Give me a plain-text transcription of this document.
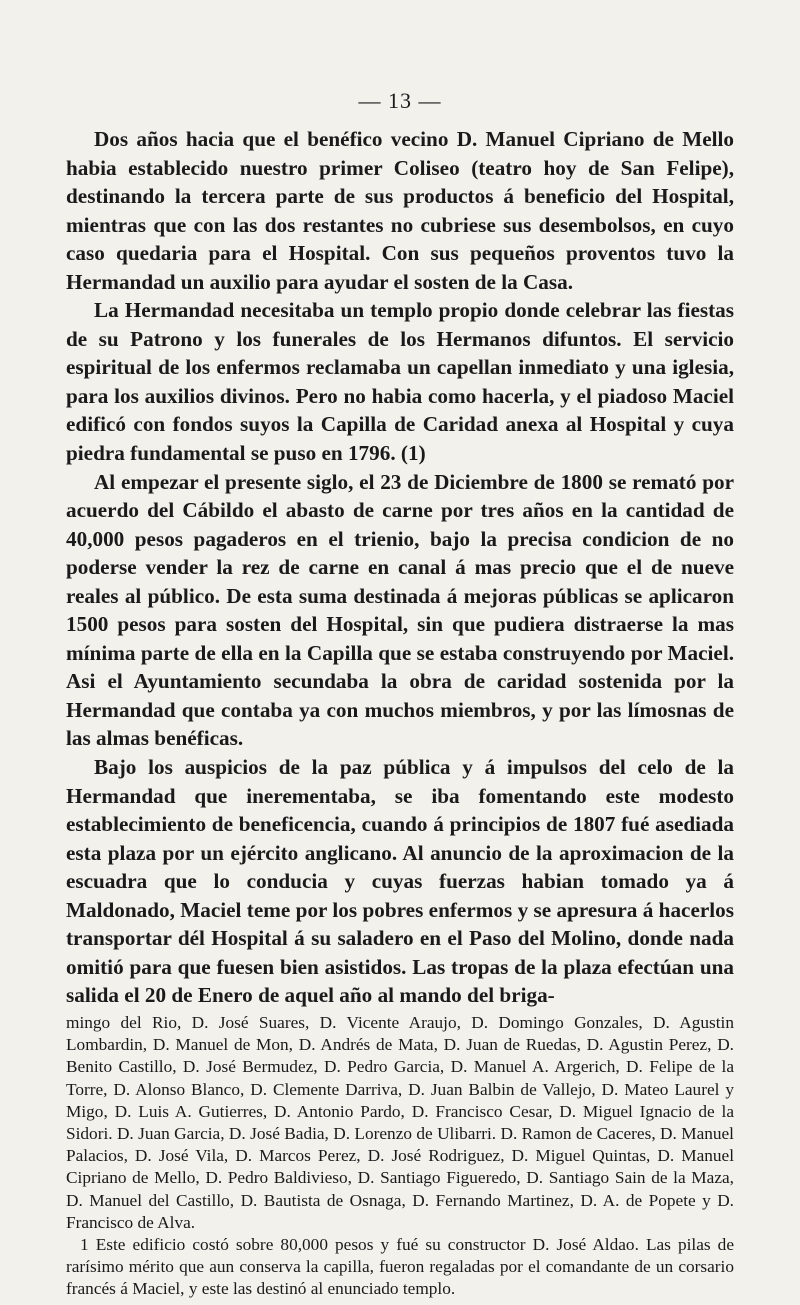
— 13 —

Dos años hacia que el benéfico vecino D. Manuel Cipriano de Mello habia establecido nuestro primer Coliseo (teatro hoy de San Felipe), destinando la tercera parte de sus productos á beneficio del Hospital, mientras que con las dos restantes no cubriese sus desembolsos, en cuyo caso quedaria para el Hospital. Con sus pequeños proventos tuvo la Hermandad un auxilio para ayudar el sosten de la Casa.

La Hermandad necesitaba un templo propio donde celebrar las fiestas de su Patrono y los funerales de los Hermanos difuntos. El servicio espiritual de los enfermos reclamaba un capellan inmediato y una iglesia, para los auxilios divinos. Pero no habia como hacerla, y el piadoso Maciel edificó con fondos suyos la Capilla de Caridad anexa al Hospital y cuya piedra fundamental se puso en 1796. (1)

Al empezar el presente siglo, el 23 de Diciembre de 1800 se remató por acuerdo del Cábildo el abasto de carne por tres años en la cantidad de 40,000 pesos pagaderos en el trienio, bajo la precisa condicion de no poderse vender la rez de carne en canal á mas precio que el de nueve reales al público. De esta suma destinada á mejoras públicas se aplicaron 1500 pesos para sosten del Hospital, sin que pudiera distraerse la mas mínima parte de ella en la Capilla que se estaba construyendo por Maciel. Asi el Ayuntamiento secundaba la obra de caridad sostenida por la Hermandad que contaba ya con muchos miembros, y por las límosnas de las almas benéficas.

Bajo los auspicios de la paz pública y á impulsos del celo de la Hermandad que inerementaba, se iba fomentando este modesto establecimiento de beneficencia, cuando á principios de 1807 fué asediada esta plaza por un ejército anglicano. Al anuncio de la aproximacion de la escuadra que lo conducia y cuyas fuerzas habian tomado ya á Maldonado, Maciel teme por los pobres enfermos y se apresura á hacerlos transportar dél Hospital á su saladero en el Paso del Molino, donde nada omitió para que fuesen bien asistidos. Las tropas de la plaza efectúan una salida el 20 de Enero de aquel año al mando del briga-

mingo del Rio, D. José Suares, D. Vicente Araujo, D. Domingo Gonzales, D. Agustin Lombardin, D. Manuel de Mon, D. Andrés de Mata, D. Juan de Ruedas, D. Agustin Perez, D. Benito Castillo, D. José Bermudez, D. Pedro Garcia, D. Manuel A. Argerich, D. Felipe de la Torre, D. Alonso Blanco, D. Clemente Darriva, D. Juan Balbin de Vallejo, D. Mateo Laurel y Migo, D. Luis A. Gutierres, D. Antonio Pardo, D. Francisco Cesar, D. Miguel Ignacio de la Sidori. D. Juan Garcia, D. José Badia, D. Lorenzo de Ulibarri. D. Ramon de Caceres, D. Manuel Palacios, D. José Vila, D. Marcos Perez, D. José Rodriguez, D. Miguel Quintas, D. Manuel Cipriano de Mello, D. Pedro Baldivieso, D. Santiago Figueredo, D. Santiago Sain de la Maza, D. Manuel del Castillo, D. Bautista de Osnaga, D. Fernando Martinez, D. A. de Popete y D. Francisco de Alva.

1 Este edificio costó sobre 80,000 pesos y fué su constructor D. José Aldao. Las pilas de rarísimo mérito que aun conserva la capilla, fueron regaladas por el comandante de un corsario francés á Maciel, y este las destinó al enunciado templo.
